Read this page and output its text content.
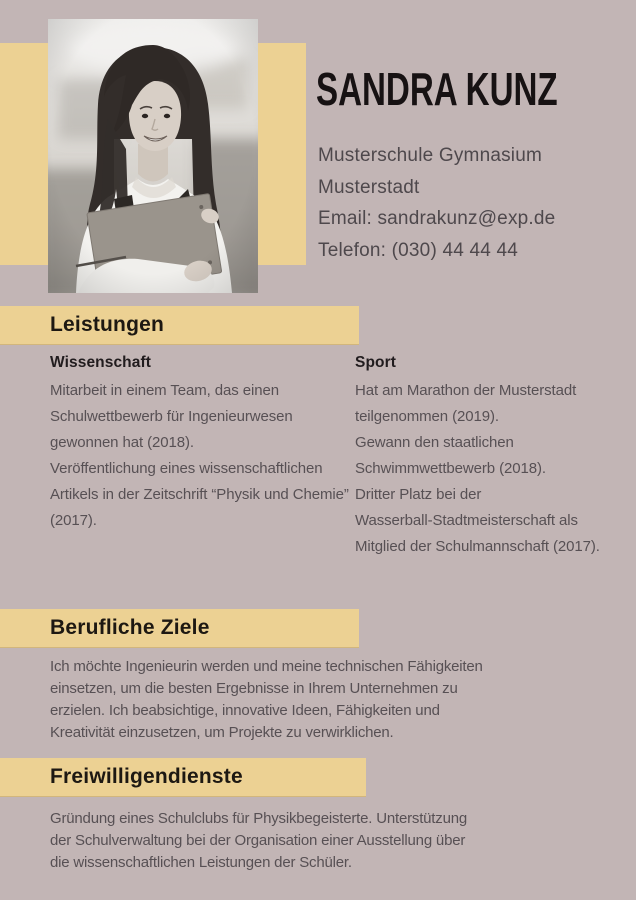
SANDRA KUNZ
Musterschule Gymnasium
Musterstadt
Email: sandrakunz@exp.de
Telefon: (030) 44 44 44
Leistungen
Wissenschaft
Mitarbeit in einem Team, das einen
Schulwettbewerb für Ingenieurwesen
gewonnen hat (2018).
Veröffentlichung eines wissenschaftlichen
Artikels in der Zeitschrift “Physik und Chemie”
(2017).
Sport
Hat am Marathon der Musterstadt
teilgenommen (2019).
Gewann den staatlichen
Schwimmwettbewerb (2018).
Dritter Platz bei der
Wasserball-Stadtmeisterschaft als
Mitglied der Schulmannschaft (2017).
Berufliche Ziele
Ich möchte Ingenieurin werden und meine technischen Fähigkeiten
einsetzen, um die besten Ergebnisse in Ihrem Unternehmen zu
erzielen. Ich beabsichtige, innovative Ideen, Fähigkeiten und
Kreativität einzusetzen, um Projekte zu verwirklichen.
Freiwilligendienste
Gründung eines Schulclubs für Physikbegeisterte. Unterstützung
der Schulverwaltung bei der Organisation einer Ausstellung über
die wissenschaftlichen Leistungen der Schüler.
